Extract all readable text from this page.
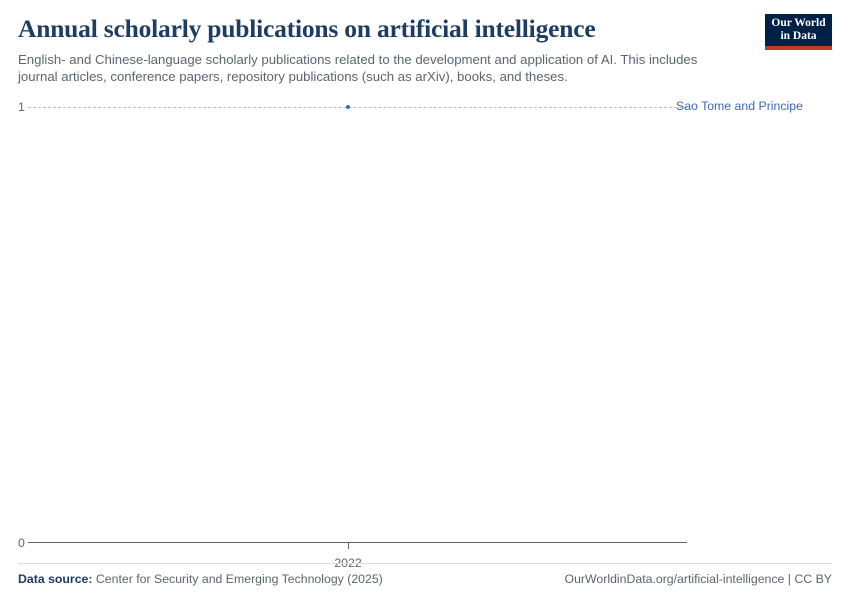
Our World
in Data
Annual scholarly publications on artificial intelligence

English- and Chinese-language scholarly publications related to the development and application of AI. This includes journal articles, conference papers, repository publications (such as arXiv), books, and theses.

1
0
2022
Sao Tome and Principe
Data source: Center for Security and Emerging Technology (2025)	OurWorldinData.org/artificial-intelligence | CC BY
